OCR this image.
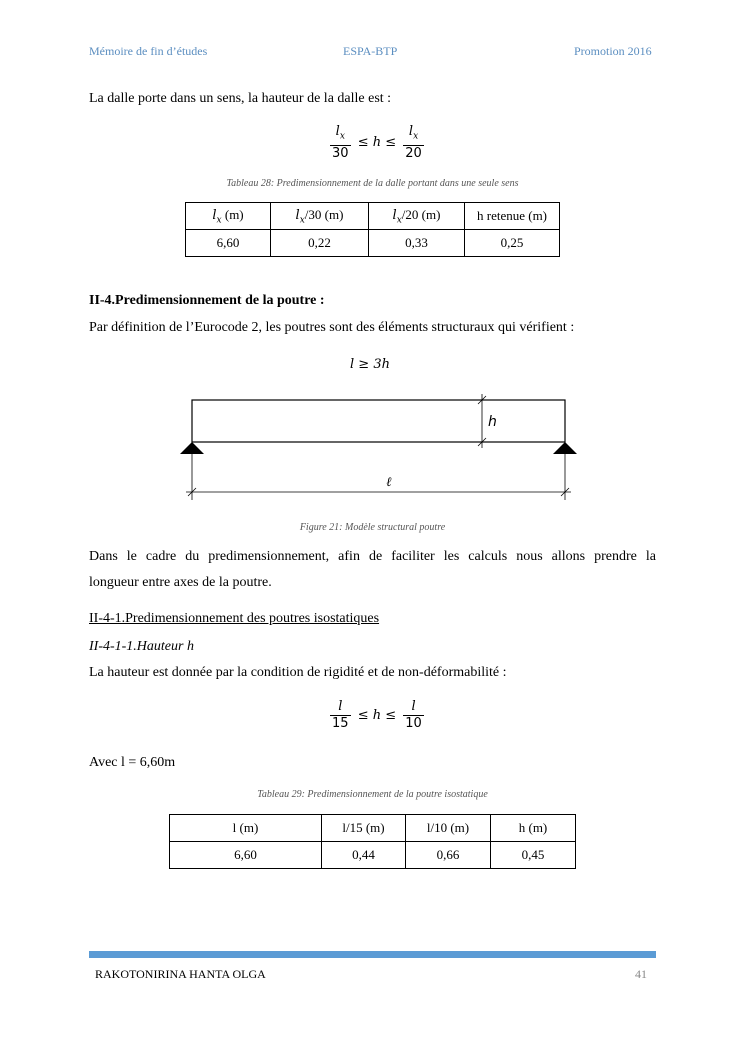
Mémoire de fin d’études	ESPA-BTP	Promotion 2016
La dalle porte dans un sens, la hauteur de la dalle est :
$\frac{l_x}{30} \le h \le \frac{l_x}{20}$
Tableau 28: Predimensionnement de la dalle portant dans une seule sens
$l_x$ (m)	$l_x/30$ (m)	$l_x/20$ (m)	h retenue (m)
6,60	0,22	0,33	0,25
II-4.Predimensionnement de la poutre :
Par définition de l’Eurocode 2, les poutres sont des éléments structuraux qui vérifient :
l ≥ 3h
h
ℓ
Figure 21: Modèle structural poutre
Dans le cadre du predimensionnement, afin de faciliter les calculs nous allons prendre la
longueur entre axes de la poutre.
II-4-1.Predimensionnement des poutres isostatiques
II-4-1-1.Hauteur h
La hauteur est donnée par la condition de rigidité et de non-déformabilité :
$\frac{l}{15} \le h \le \frac{l}{10}$
Avec l = 6,60m
Tableau 29: Predimensionnement de la poutre isostatique
l (m)	l/15 (m)	l/10 (m)	h (m)
6,60	0,44	0,66	0,45
RAKOTONIRINA HANTA OLGA	41
